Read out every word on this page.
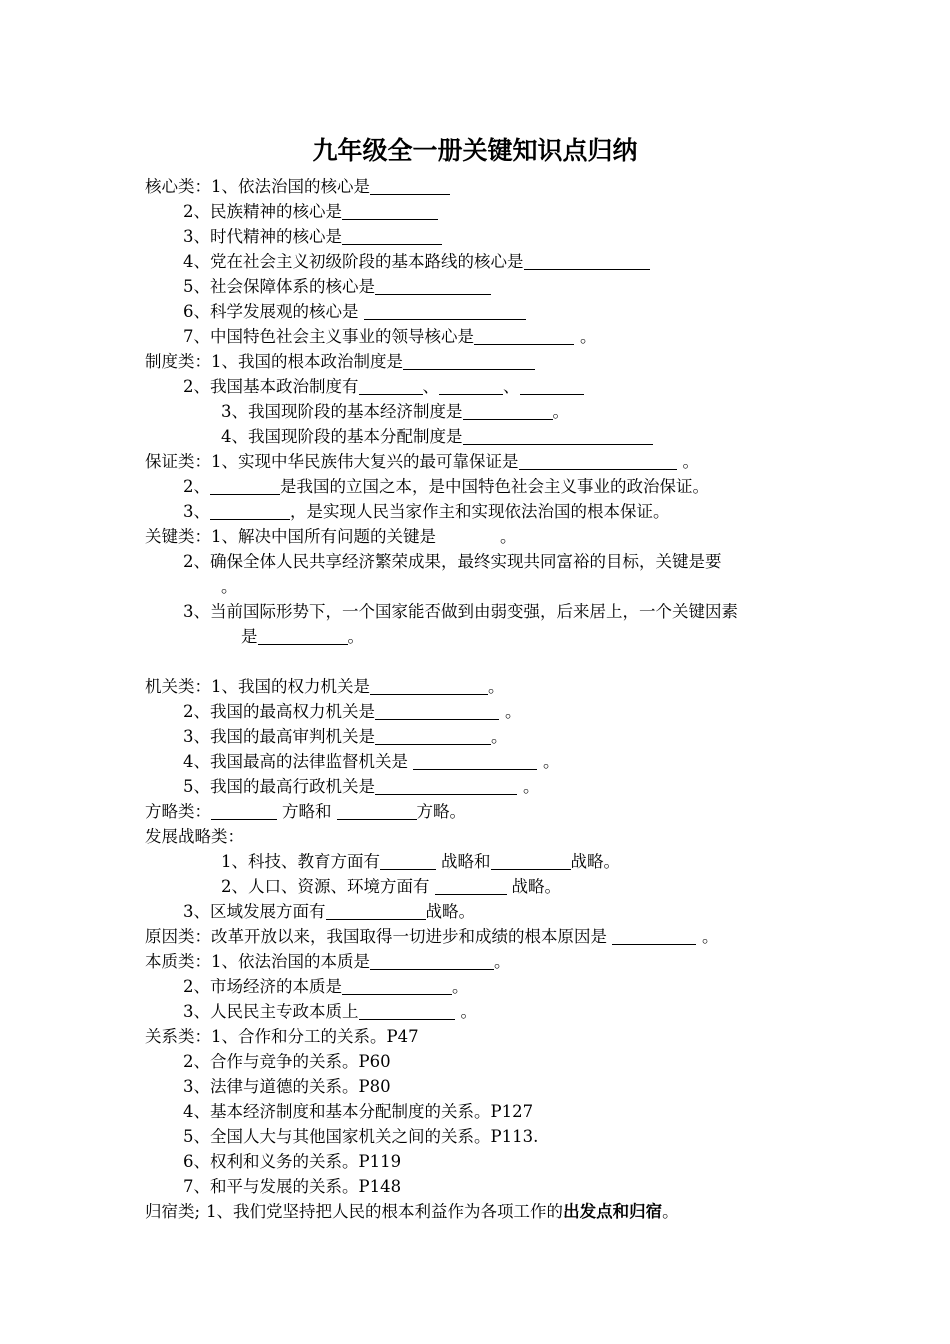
九年级全一册关键知识点归纳
核心类：1、依法治国的核心是
2、民族精神的核心是
3、时代精神的核心是
4、党在社会主义初级阶段的基本路线的核心是
5、社会保障体系的核心是
6、科学发展观的核心是
7、中国特色社会主义事业的领导核心是	。
制度类：1、我国的根本政治制度是
2、我国基本政治制度有	、	、
3、我国现阶段的基本经济制度是	。
4、我国现阶段的基本分配制度是
保证类：1、实现中华民族伟大复兴的最可靠保证是	。
2、	是我国的立国之本，是中国特色社会主义事业的政治保证。
3、	，是实现人民当家作主和实现依法治国的根本保证。
关键类：1、解决中国所有问题的关键是	。
2、确保全体人民共享经济繁荣成果，最终实现共同富裕的目标，关键是要
。
3、当前国际形势下，一个国家能否做到由弱变强，后来居上，一个关键因素
是	。
机关类：1、我国的权力机关是	。
2、我国的最高权力机关是	。
3、我国的最高审判机关是	。
4、我国最高的法律监督机关是	。
5、我国的最高行政机关是	。
方略类：	方略和	方略。
发展战略类：
1、科技、教育方面有	战略和	战略。
2、人口、资源、环境方面有	战略。
3、区域发展方面有	战略。
原因类：改革开放以来，我国取得一切进步和成绩的根本原因是	。
本质类：1、依法治国的本质是	。
2、市场经济的本质是	。
3、人民民主专政本质上	。
关系类：1、合作和分工的关系。P47
2、合作与竞争的关系。P60
3、法律与道德的关系。P80
4、基本经济制度和基本分配制度的关系。P127
5、全国人大与其他国家机关之间的关系。P113.
6、权利和义务的关系。P119
7、和平与发展的关系。P148
归宿类; 1、我们党坚持把人民的根本利益作为各项工作的出发点和归宿。
